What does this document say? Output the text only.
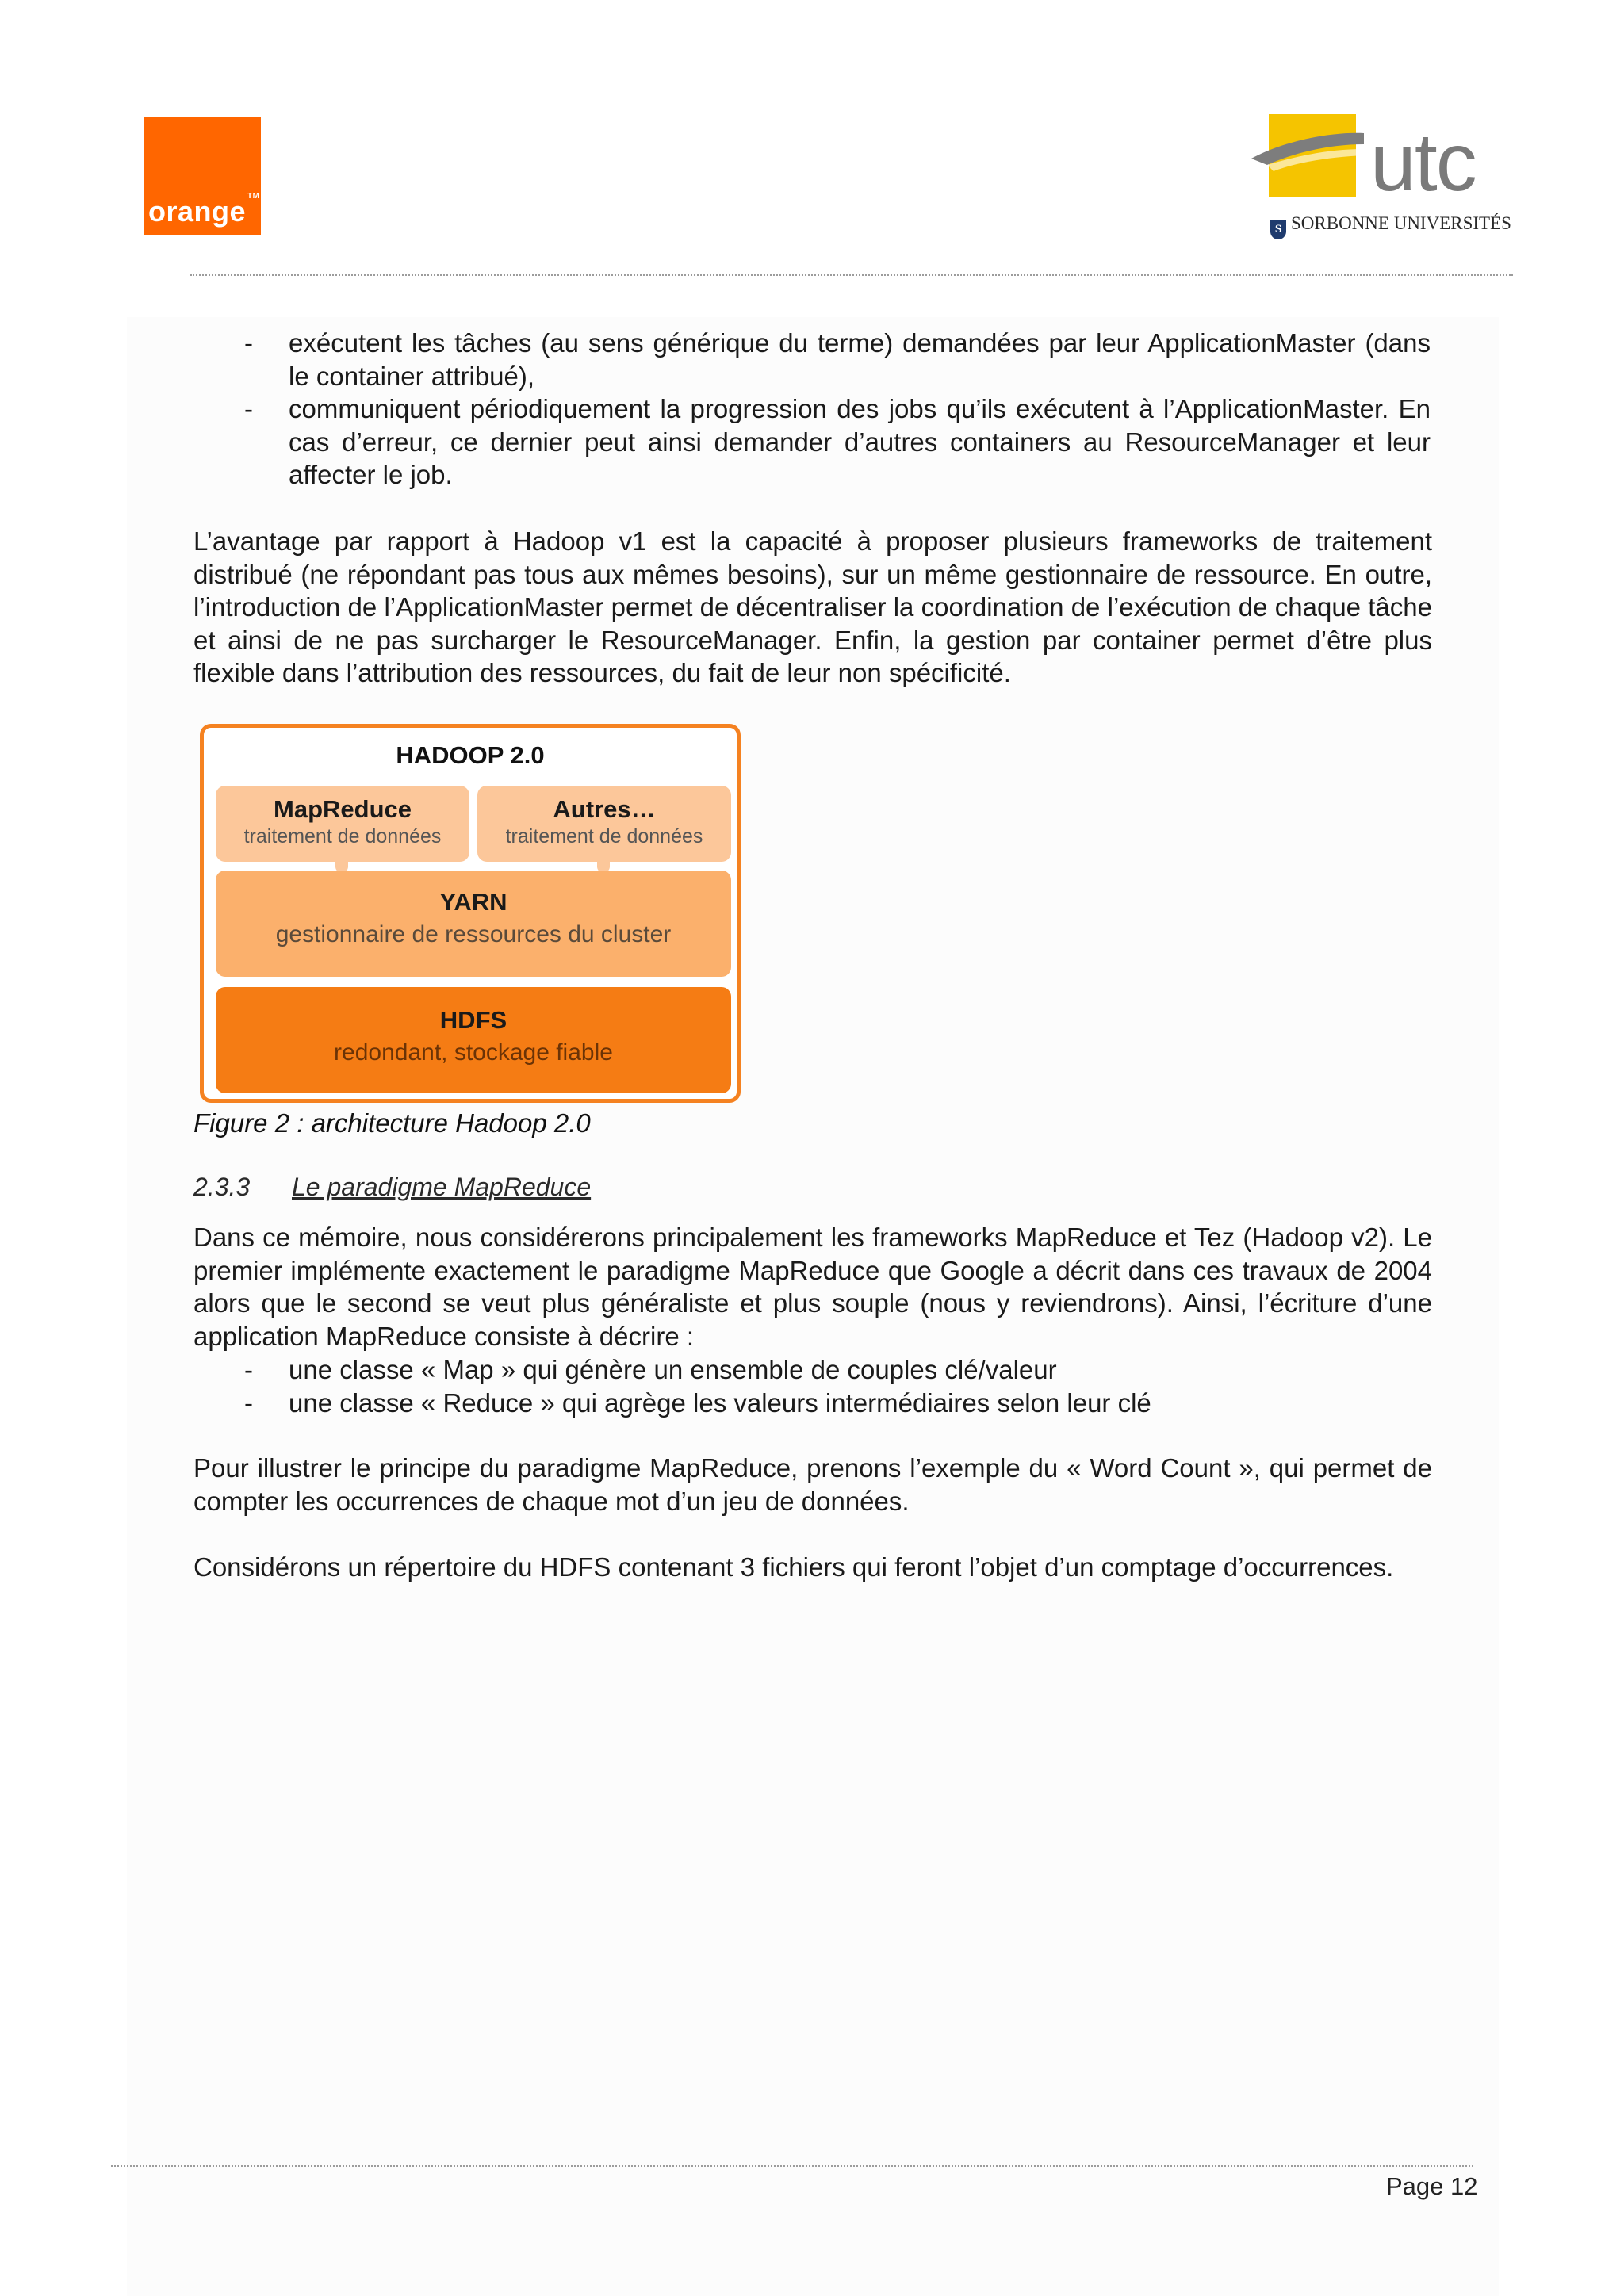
orange ™	utc
S SORBONNE UNIVERSITÉS
- exécutent les tâches (au sens générique du terme) demandées par leur ApplicationMaster (dans le container attribué),
- communiquent périodiquement la progression des jobs qu’ils exécutent à l’ApplicationMaster. En cas d’erreur, ce dernier peut ainsi demander d’autres containers au ResourceManager et leur affecter le job.
L’avantage par rapport à Hadoop v1 est la capacité à proposer plusieurs frameworks de traitement distribué (ne répondant pas tous aux mêmes besoins), sur un même gestionnaire de ressource. En outre, l’introduction de l’ApplicationMaster permet de décentraliser la coordination de l’exécution de chaque tâche et ainsi de ne pas surcharger le ResourceManager. Enfin, la gestion par container permet d’être plus flexible dans l’attribution des ressources, du fait de leur non spécificité.
HADOOP 2.0
MapReduce
traitement de données
Autres…
traitement de données
YARN
gestionnaire de ressources du cluster
HDFS
redondant, stockage fiable
Figure 2 : architecture Hadoop 2.0
2.3.3 Le paradigme MapReduce
Dans ce mémoire, nous considérerons principalement les frameworks MapReduce et Tez (Hadoop v2). Le premier implémente exactement le paradigme MapReduce que Google a décrit dans ces travaux de 2004 alors que le second se veut plus généraliste et plus souple (nous y reviendrons). Ainsi, l’écriture d’une application MapReduce consiste à décrire :
- une classe « Map » qui génère un ensemble de couples clé/valeur
- une classe « Reduce » qui agrège les valeurs intermédiaires selon leur clé
Pour illustrer le principe du paradigme MapReduce, prenons l’exemple du « Word Count », qui permet de compter les occurrences de chaque mot d’un jeu de données.
Considérons un répertoire du HDFS contenant 3 fichiers qui feront l’objet d’un comptage d’occurrences.
Page 12
